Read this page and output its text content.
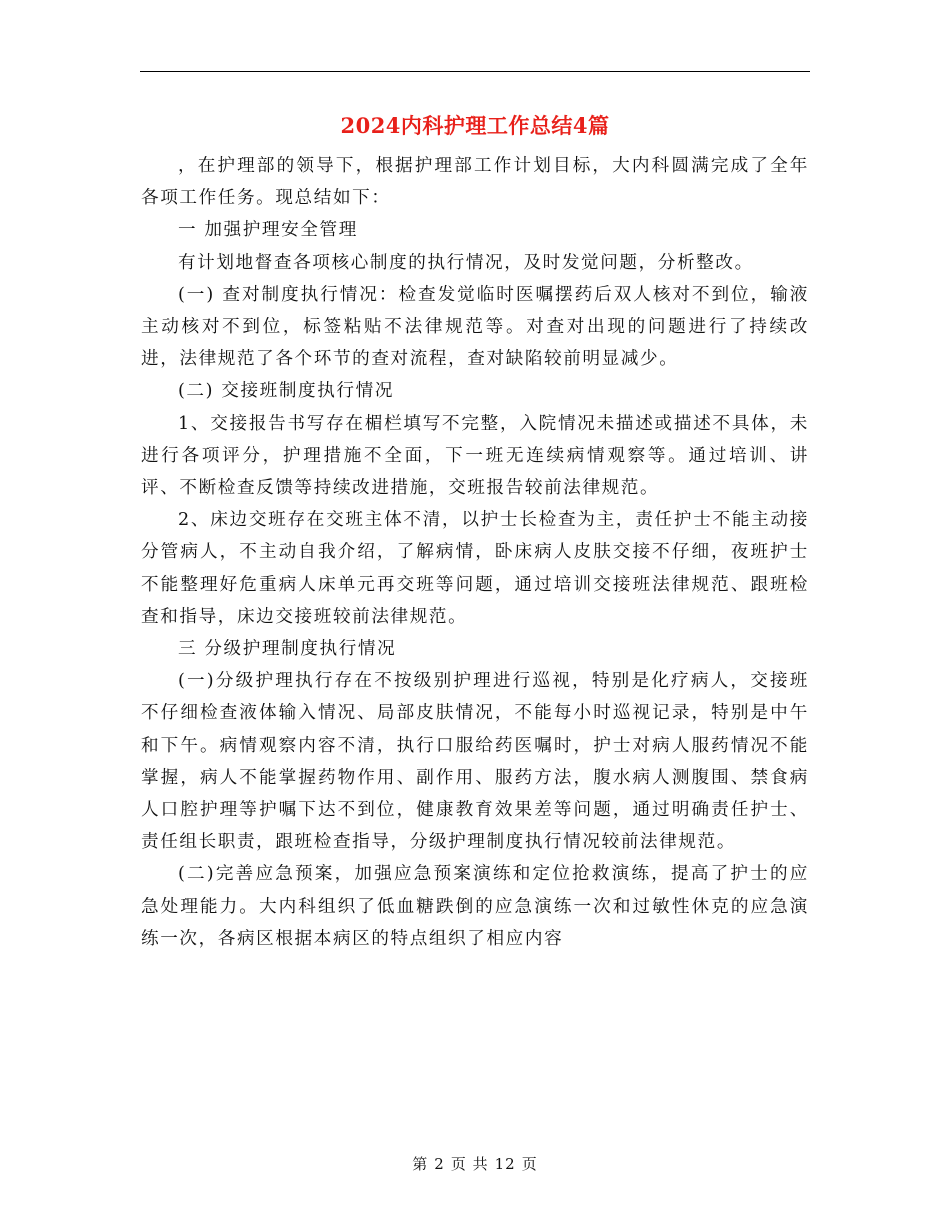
2024内科护理工作总结4篇

，在护理部的领导下，根据护理部工作计划目标，大内科圆满完成了全年各项工作任务。现总结如下：

一 加强护理安全管理

有计划地督查各项核心制度的执行情况，及时发觉问题，分析整改。

(一) 查对制度执行情况：检查发觉临时医嘱摆药后双人核对不到位，输液主动核对不到位，标签粘贴不法律规范等。对查对出现的问题进行了持续改进，法律规范了各个环节的查对流程，查对缺陷较前明显减少。

(二) 交接班制度执行情况

1、交接报告书写存在楣栏填写不完整，入院情况未描述或描述不具体，未进行各项评分，护理措施不全面，下一班无连续病情观察等。通过培训、讲评、不断检查反馈等持续改进措施，交班报告较前法律规范。

2、床边交班存在交班主体不清，以护士长检查为主，责任护士不能主动接分管病人，不主动自我介绍，了解病情，卧床病人皮肤交接不仔细，夜班护士不能整理好危重病人床单元再交班等问题，通过培训交接班法律规范、跟班检查和指导，床边交接班较前法律规范。

三 分级护理制度执行情况

(一)分级护理执行存在不按级别护理进行巡视，特别是化疗病人，交接班不仔细检查液体输入情况、局部皮肤情况，不能每小时巡视记录，特别是中午和下午。病情观察内容不清，执行口服给药医嘱时，护士对病人服药情况不能掌握，病人不能掌握药物作用、副作用、服药方法，腹水病人测腹围、禁食病人口腔护理等护嘱下达不到位，健康教育效果差等问题，通过明确责任护士、责任组长职责，跟班检查指导，分级护理制度执行情况较前法律规范。

(二)完善应急预案，加强应急预案演练和定位抢救演练，提高了护士的应急处理能力。大内科组织了低血糖跌倒的应急演练一次和过敏性休克的应急演练一次，各病区根据本病区的特点组织了相应内容

第 2 页 共 12 页
